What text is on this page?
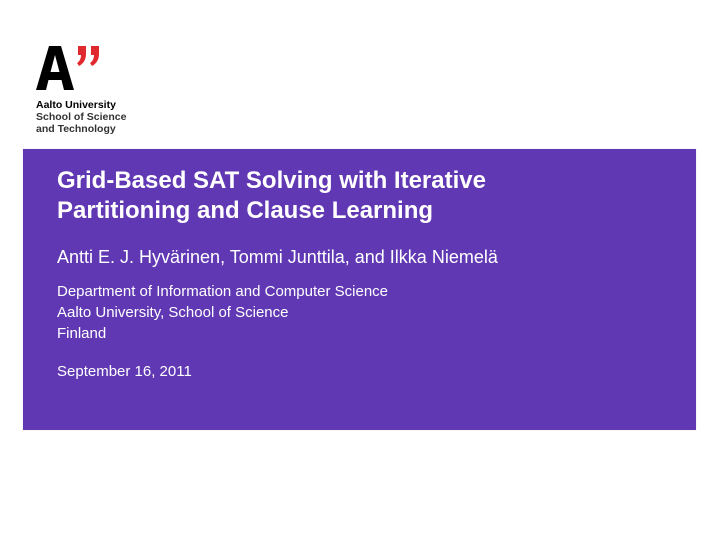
Aalto University
School of Science
and Technology
Grid-Based SAT Solving with Iterative
Partitioning and Clause Learning
Antti E. J. Hyvärinen, Tommi Junttila, and Ilkka Niemelä
Department of Information and Computer Science
Aalto University, School of Science
Finland
September 16, 2011
